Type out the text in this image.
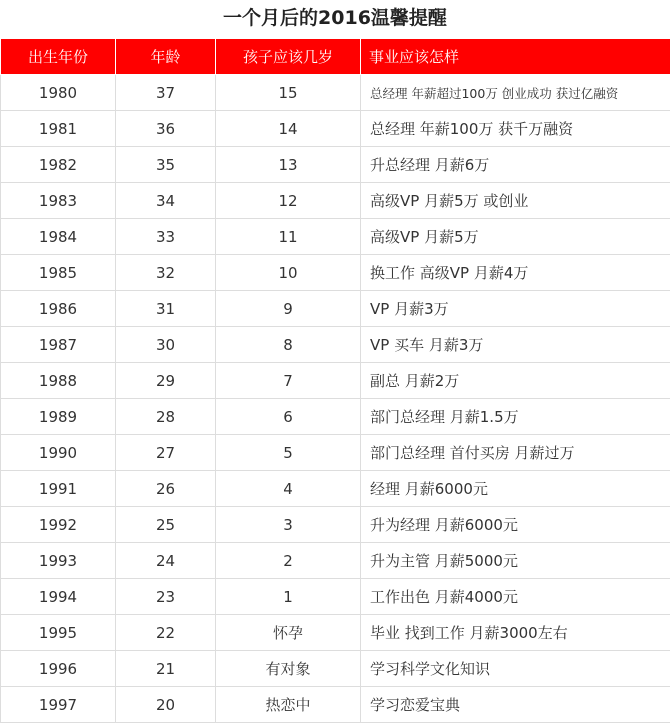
一个月后的2016温馨提醒
出生年份	年龄	孩子应该几岁	事业应该怎样
1980	37	15	总经理 年薪超过100万 创业成功 获过亿融资
1981	36	14	总经理 年薪100万 获千万融资
1982	35	13	升总经理 月薪6万
1983	34	12	高级VP 月薪5万 或创业
1984	33	11	高级VP 月薪5万
1985	32	10	换工作 高级VP 月薪4万
1986	31	9	VP 月薪3万
1987	30	8	VP 买车 月薪3万
1988	29	7	副总 月薪2万
1989	28	6	部门总经理 月薪1.5万
1990	27	5	部门总经理 首付买房 月薪过万
1991	26	4	经理 月薪6000元
1992	25	3	升为经理 月薪6000元
1993	24	2	升为主管 月薪5000元
1994	23	1	工作出色 月薪4000元
1995	22	怀孕	毕业 找到工作 月薪3000左右
1996	21	有对象	学习科学文化知识
1997	20	热恋中	学习恋爱宝典
